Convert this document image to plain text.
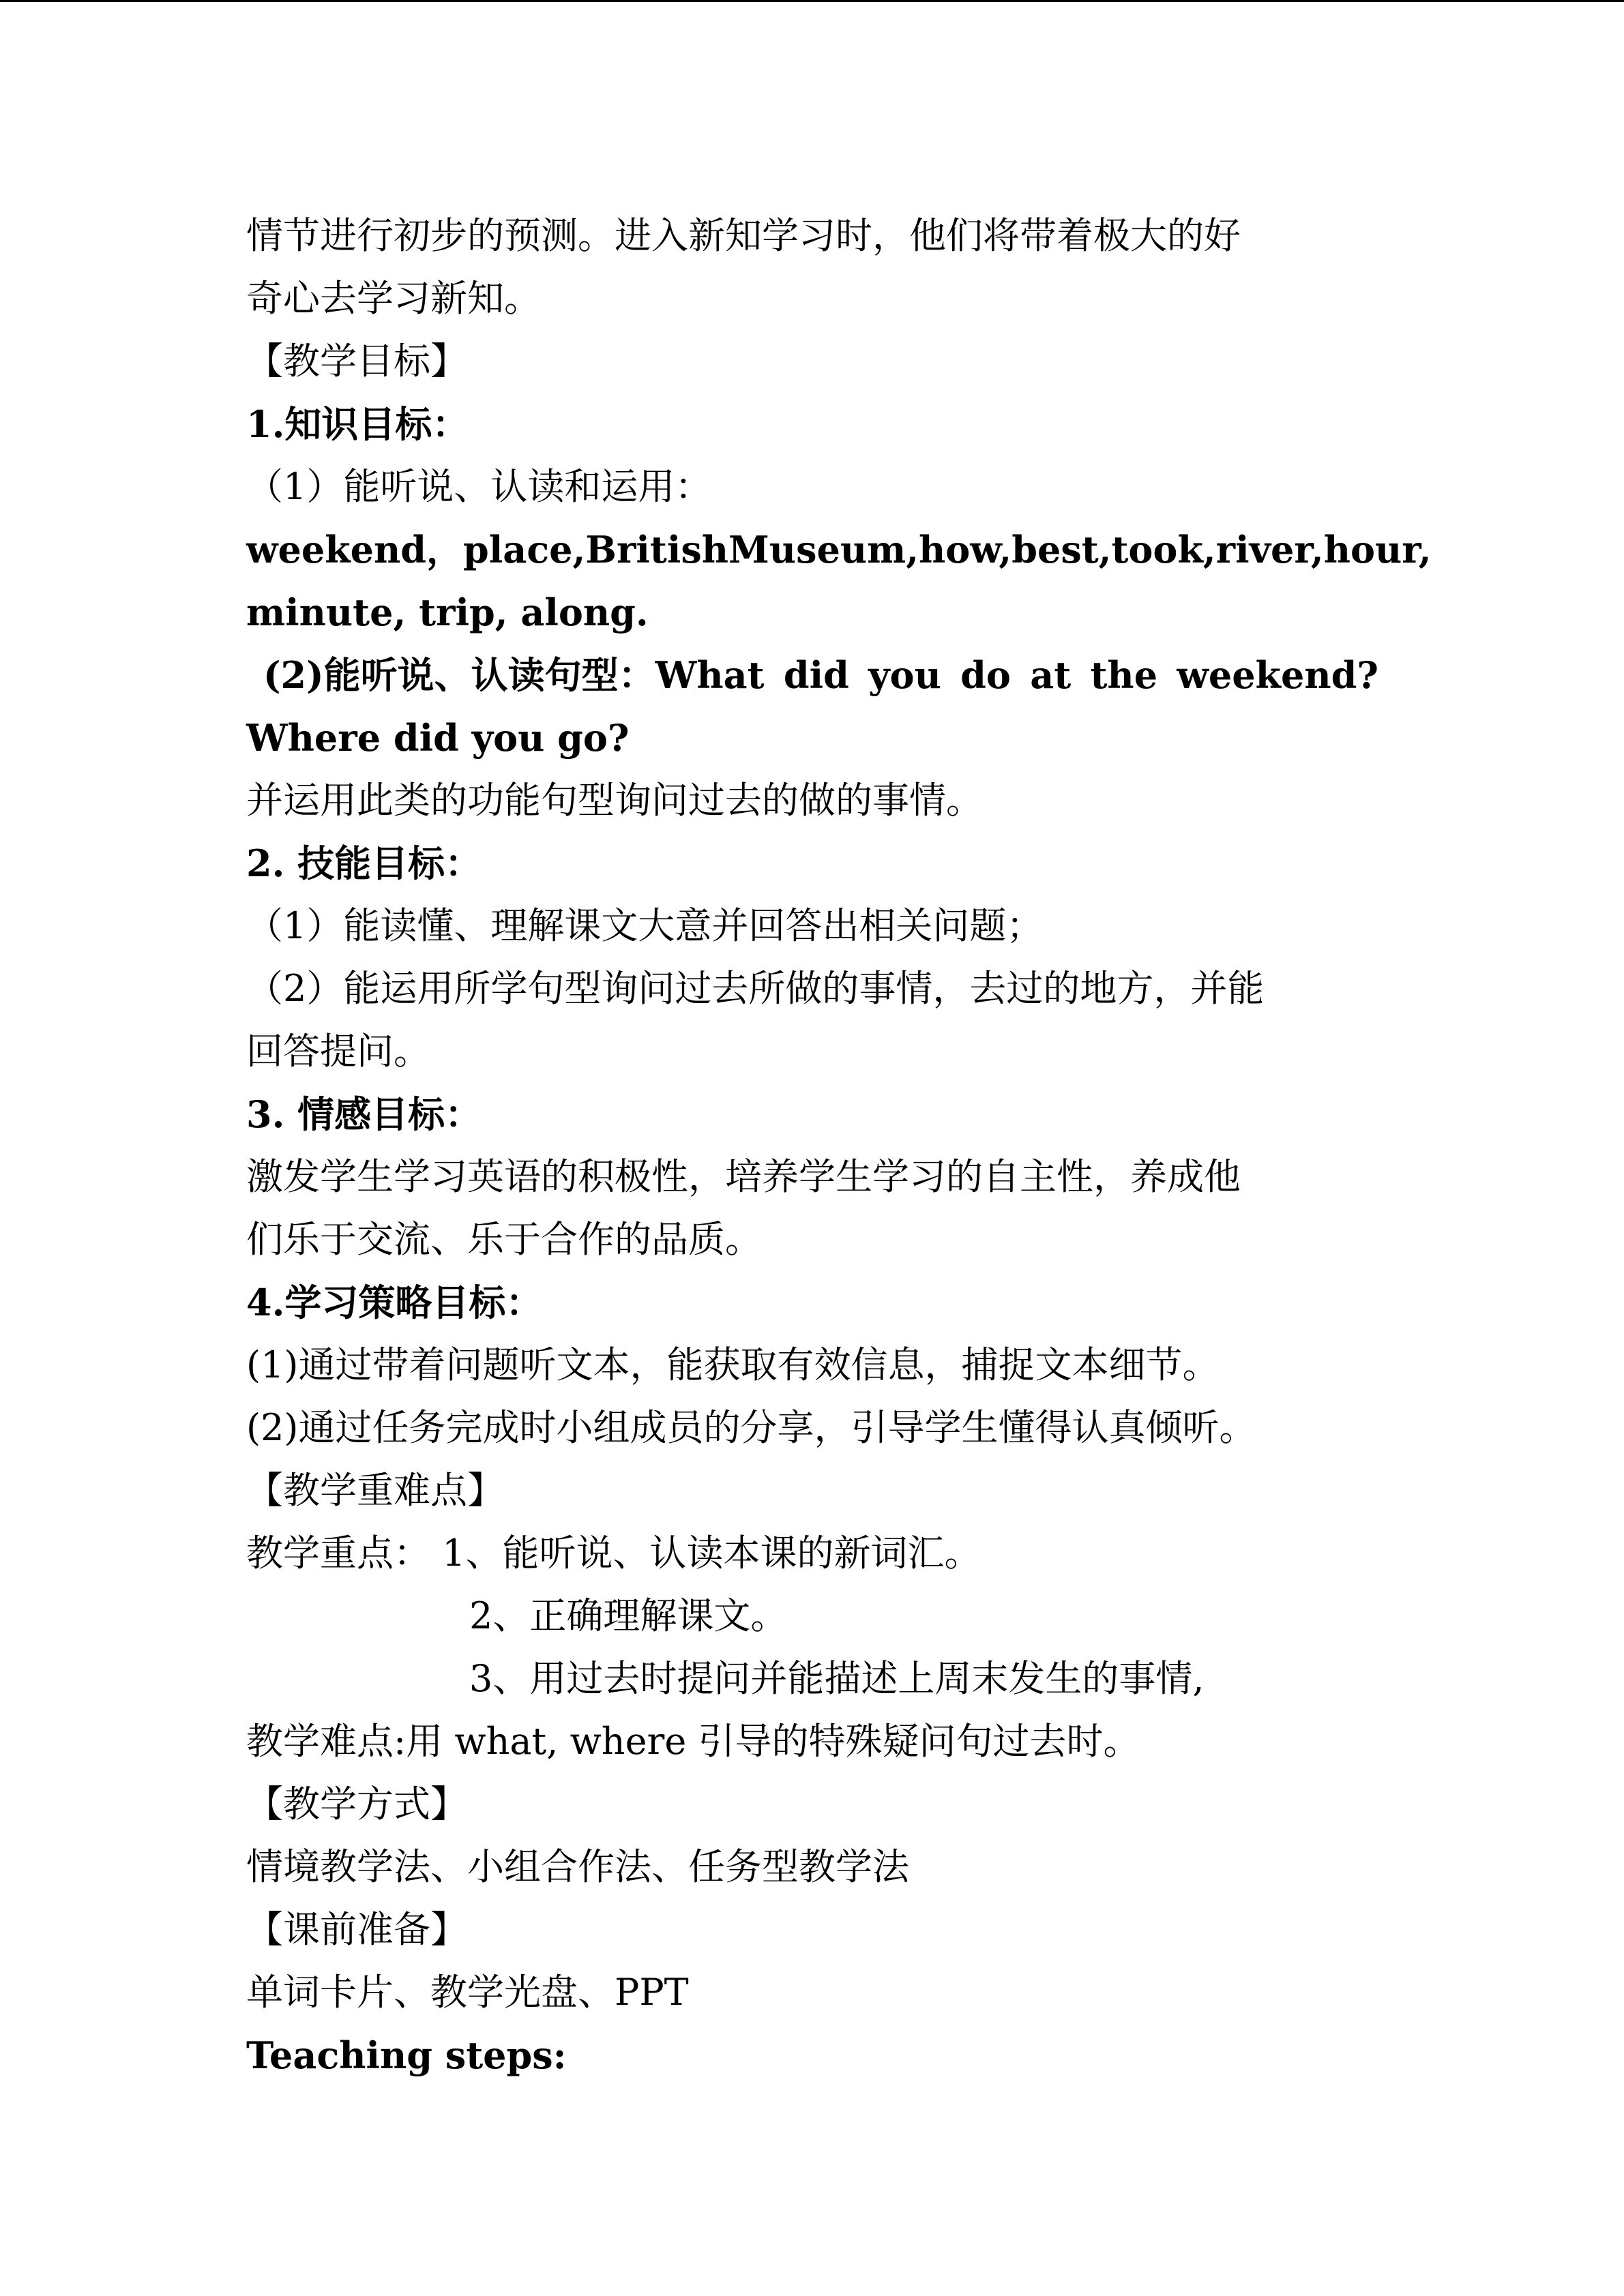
情节进行初步的预测。进入新知学习时，他们将带着极大的好
奇心去学习新知。
【教学目标】
1.知识目标：
（1）能听说、认读和运用：
weekend，place, British Museum, how, best, took, river, hour,
minute, trip, along.
(2)能听说、认读句型：What did you do at the weekend?
Where did you go?
并运用此类的功能句型询问过去的做的事情。
2. 技能目标：
（1）能读懂、理解课文大意并回答出相关问题；
（2）能运用所学句型询问过去所做的事情，去过的地方，并能
回答提问。
3. 情感目标：
激发学生学习英语的积极性，培养学生学习的自主性，养成他
们乐于交流、乐于合作的品质。
4.学习策略目标：
(1)通过带着问题听文本，能获取有效信息，捕捉文本细节。
(2)通过任务完成时小组成员的分享，引导学生懂得认真倾听。
【教学重难点】
教学重点： 1、能听说、认读本课的新词汇。
2、正确理解课文。
3、用过去时提问并能描述上周末发生的事情,
教学难点:用 what, where 引导的特殊疑问句过去时。
【教学方式】
情境教学法、小组合作法、任务型教学法
【课前准备】
单词卡片、教学光盘、PPT
Teaching steps:
